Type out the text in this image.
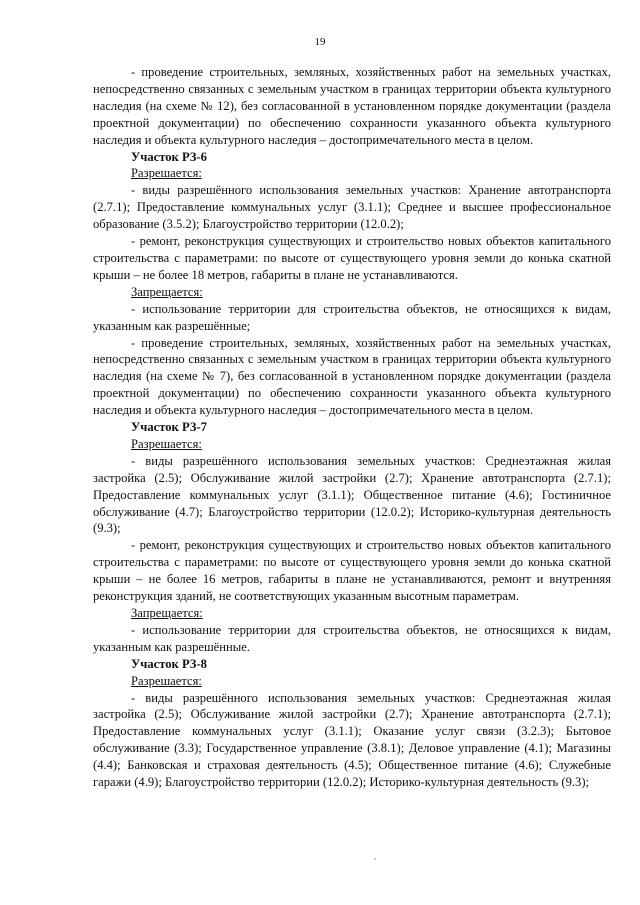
19

- проведение строительных, земляных, хозяйственных работ на земельных участках, непосредственно связанных с земельным участком в границах территории объекта культурного наследия (на схеме № 12), без согласованной в установленном порядке документации (раздела проектной документации) по обеспечению сохранности указанного объекта культурного наследия и объекта культурного наследия – достопримечательного места в целом.

Участок РЗ-6

Разрешается:

- виды разрешённого использования земельных участков: Хранение автотранспорта (2.7.1); Предоставление коммунальных услуг (3.1.1); Среднее и высшее профессиональное образование (3.5.2); Благоустройство территории (12.0.2);

- ремонт, реконструкция существующих и строительство новых объектов капитального строительства с параметрами: по высоте от существующего уровня земли до конька скатной крыши – не более 18 метров, габариты в плане не устанавливаются.

Запрещается:

- использование территории для строительства объектов, не относящихся к видам, указанным как разрешённые;

- проведение строительных, земляных, хозяйственных работ на земельных участках, непосредственно связанных с земельным участком в границах территории объекта культурного наследия (на схеме № 7), без согласованной в установленном порядке документации (раздела проектной документации) по обеспечению сохранности указанного объекта культурного наследия и объекта культурного наследия – достопримечательного места в целом.

Участок РЗ-7

Разрешается:

- виды разрешённого использования земельных участков: Среднеэтажная жилая застройка (2.5); Обслуживание жилой застройки (2.7); Хранение автотранспорта (2.7.1); Предоставление коммунальных услуг (3.1.1); Общественное питание (4.6); Гостиничное обслуживание (4.7); Благоустройство территории (12.0.2); Историко-культурная деятельность (9.3);

- ремонт, реконструкция существующих и строительство новых объектов капитального строительства с параметрами: по высоте от существующего уровня земли до конька скатной крыши – не более 16 метров, габариты в плане не устанавливаются, ремонт и внутренняя реконструкция зданий, не соответствующих указанным высотным параметрам.

Запрещается:

- использование территории для строительства объектов, не относящихся к видам, указанным как разрешённые.

Участок РЗ-8

Разрешается:

- виды разрешённого использования земельных участков: Среднеэтажная жилая застройка (2.5); Обслуживание жилой застройки (2.7); Хранение автотранспорта (2.7.1); Предоставление коммунальных услуг (3.1.1); Оказание услуг связи (3.2.3); Бытовое обслуживание (3.3); Государственное управление (3.8.1); Деловое управление (4.1); Магазины (4.4); Банковская и страховая деятельность (4.5); Общественное питание (4.6); Служебные гаражи (4.9); Благоустройство территории (12.0.2); Историко-культурная деятельность (9.3);
